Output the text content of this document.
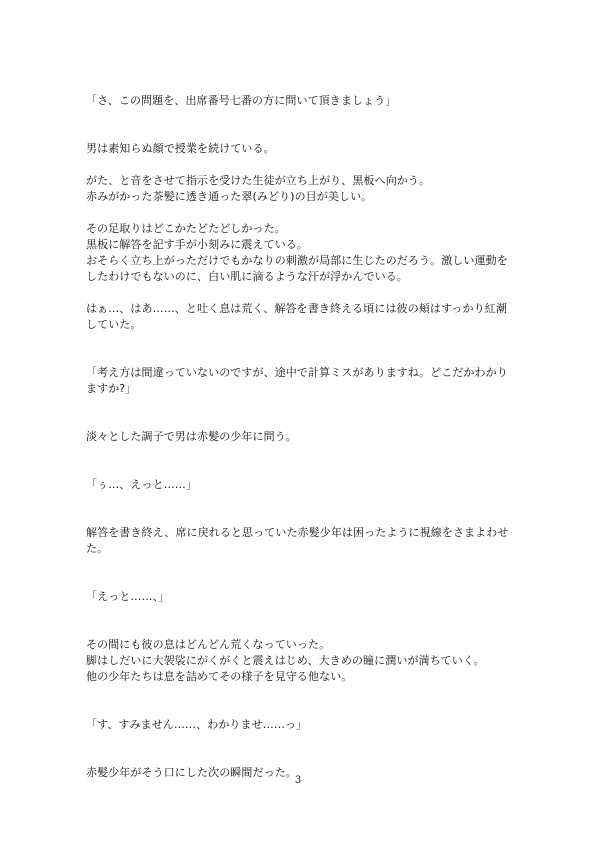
「さ、この問題を、出席番号七番の方に問いて頂きましょう」

男は素知らぬ顔で授業を続けている。

がた、と音をさせて指示を受けた生徒が立ち上がり、黒板へ向かう。

赤みがかった茶髪に透き通った翠(みどり)の目が美しい。

その足取りはどこかたどたどしかった。

黒板に解答を記す手が小刻みに震えている。

おそらく立ち上がっただけでもかなりの刺激が局部に生じたのだろう。激しい運動をしたわけでもないのに、白い肌に滴るような汗が浮かんでいる。

はぁ…、はあ……、と吐く息は荒く、解答を書き終える頃には彼の頬はすっかり紅潮していた。

「考え方は間違っていないのですが、途中で計算ミスがありますね。どこだかわかりますか?」

淡々とした調子で男は赤髪の少年に問う。

「ぅ…、えっと……」

解答を書き終え、席に戻れると思っていた赤髪少年は困ったように視線をさまよわせた。

「えっと……、」

その間にも彼の息はどんどん荒くなっていった。

脚はしだいに大袈裟にがくがくと震えはじめ、大きめの瞳に潤いが満ちていく。

他の少年たちは息を詰めてその様子を見守る他ない。

「す、すみません……、わかりませ……っ」

赤髪少年がそう口にした次の瞬間だった。

3
